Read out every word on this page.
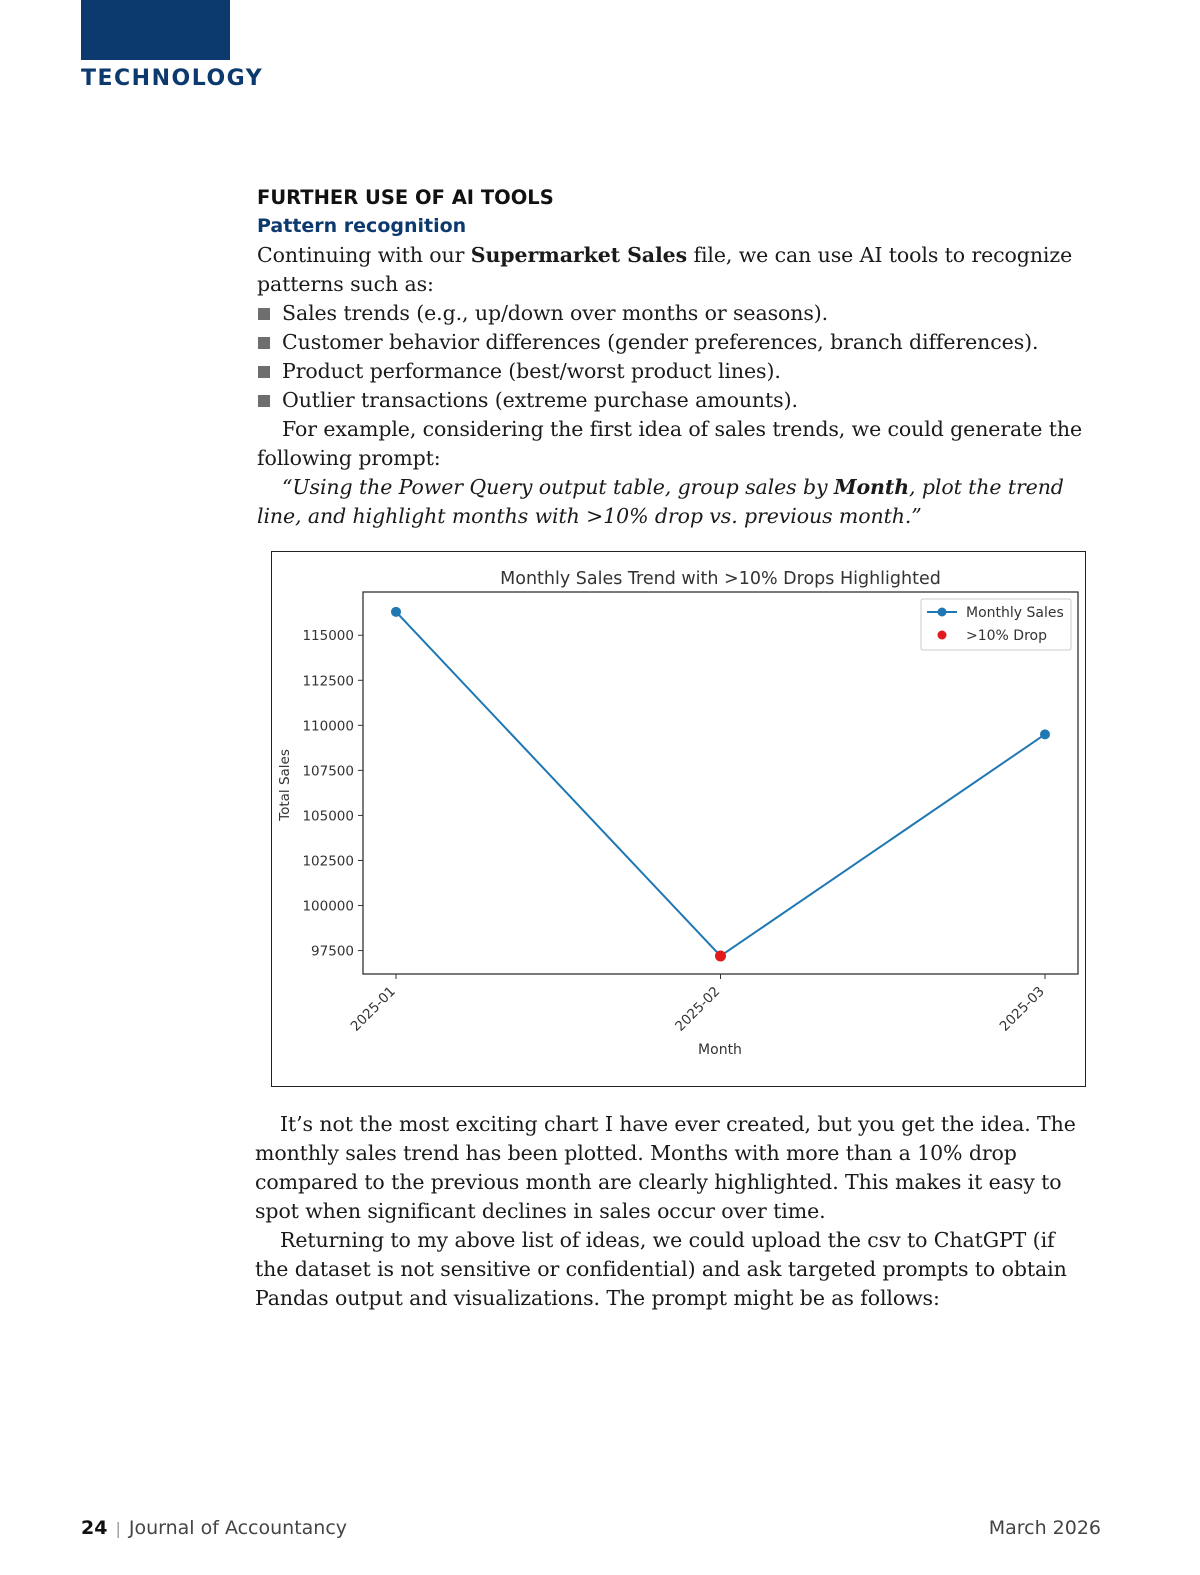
TECHNOLOGY
FURTHER USE OF AI TOOLS
Pattern recognition

Continuing with our Supermarket Sales file, we can use AI tools to recognize patterns such as:

Sales trends (e.g., up/down over months or seasons).
Customer behavior differences (gender preferences, branch differences).
Product performance (best/worst product lines).
Outlier transactions (extreme purchase amounts).

For example, considering the first idea of sales trends, we could generate the following prompt:

“Using the Power Query output table, group sales by Month, plot the trend line, and highlight months with >10% drop vs. previous month.”

Monthly Sales Trend with >10% Drops Highlighted
Month
Total Sales
97500
100000
102500
105000
107500
110000
112500
115000
2025-01	2025-02	2025-03
Monthly Sales
>10% Drop

It’s not the most exciting chart I have ever created, but you get the idea. The monthly sales trend has been plotted. Months with more than a 10% drop compared to the previous month are clearly highlighted. This makes it easy to spot when significant declines in sales occur over time.

Returning to my above list of ideas, we could upload the csv to ChatGPT (if the dataset is not sensitive or confidential) and ask targeted prompts to obtain Pandas output and visualizations. The prompt might be as follows:

24 | Journal of Accountancy	March 2026
